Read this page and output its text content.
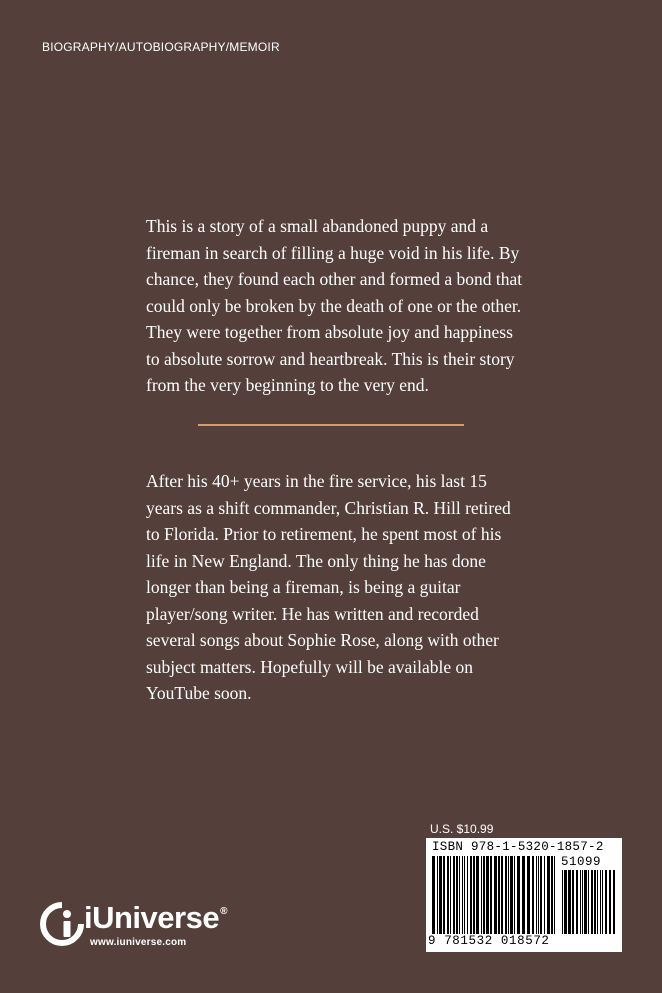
BIOGRAPHY/AUTOBIOGRAPHY/MEMOIR
This is a story of a small abandoned puppy and a fireman in search of filling a huge void in his life. By chance, they found each other and formed a bond that could only be broken by the death of one or the other. They were together from absolute joy and happiness to absolute sorrow and heartbreak. This is their story from the very beginning to the very end.
After his 40+ years in the fire service, his last 15 years as a shift commander, Christian R. Hill retired to Florida. Prior to retirement, he spent most of his life in New England. The only thing he has done longer than being a fireman, is being a guitar player/song writer. He has written and recorded several songs about Sophie Rose, along with other subject matters. Hopefully will be available on YouTube soon.
U.S. $10.99
ISBN 978-1-5320-1857-2
51099
9 781532 018572
iUniverse®
www.iuniverse.com
